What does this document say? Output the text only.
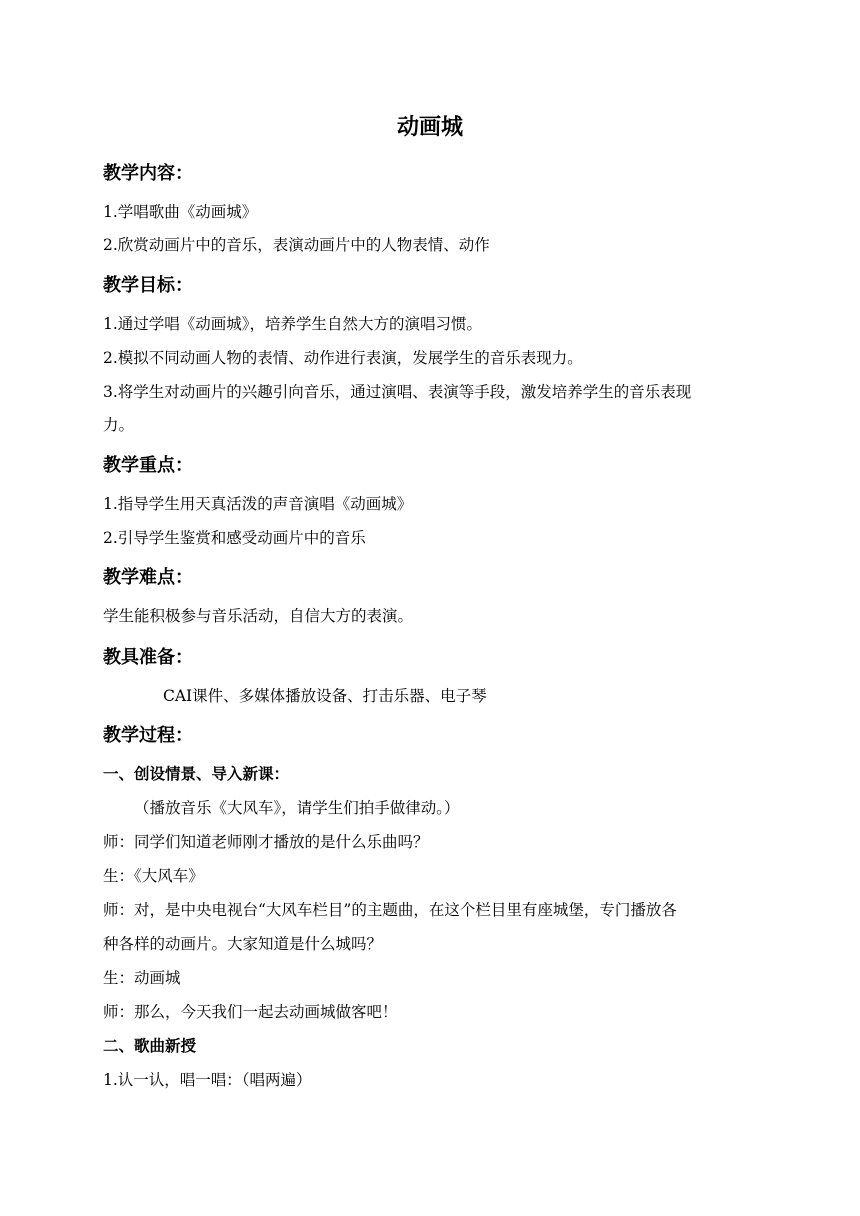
动画城
教学内容：
1.学唱歌曲《动画城》
2.欣赏动画片中的音乐，表演动画片中的人物表情、动作
教学目标：
1.通过学唱《动画城》，培养学生自然大方的演唱习惯。
2.模拟不同动画人物的表情、动作进行表演，发展学生的音乐表现力。
3.将学生对动画片的兴趣引向音乐，通过演唱、表演等手段，激发培养学生的音乐表现
力。
教学重点：
1.指导学生用天真活泼的声音演唱《动画城》
2.引导学生鉴赏和感受动画片中的音乐
教学难点：
学生能积极参与音乐活动，自信大方的表演。
教具准备：
CAI课件、多媒体播放设备、打击乐器、电子琴
教学过程：
一、创设情景、导入新课：
（播放音乐《大风车》，请学生们拍手做律动。）
师：同学们知道老师刚才播放的是什么乐曲吗？
生：《大风车》
师：对，是中央电视台“大风车栏目”的主题曲，在这个栏目里有座城堡，专门播放各
种各样的动画片。大家知道是什么城吗？
生：动画城
师：那么，今天我们一起去动画城做客吧！
二、歌曲新授
1.认一认，唱一唱：（唱两遍）
